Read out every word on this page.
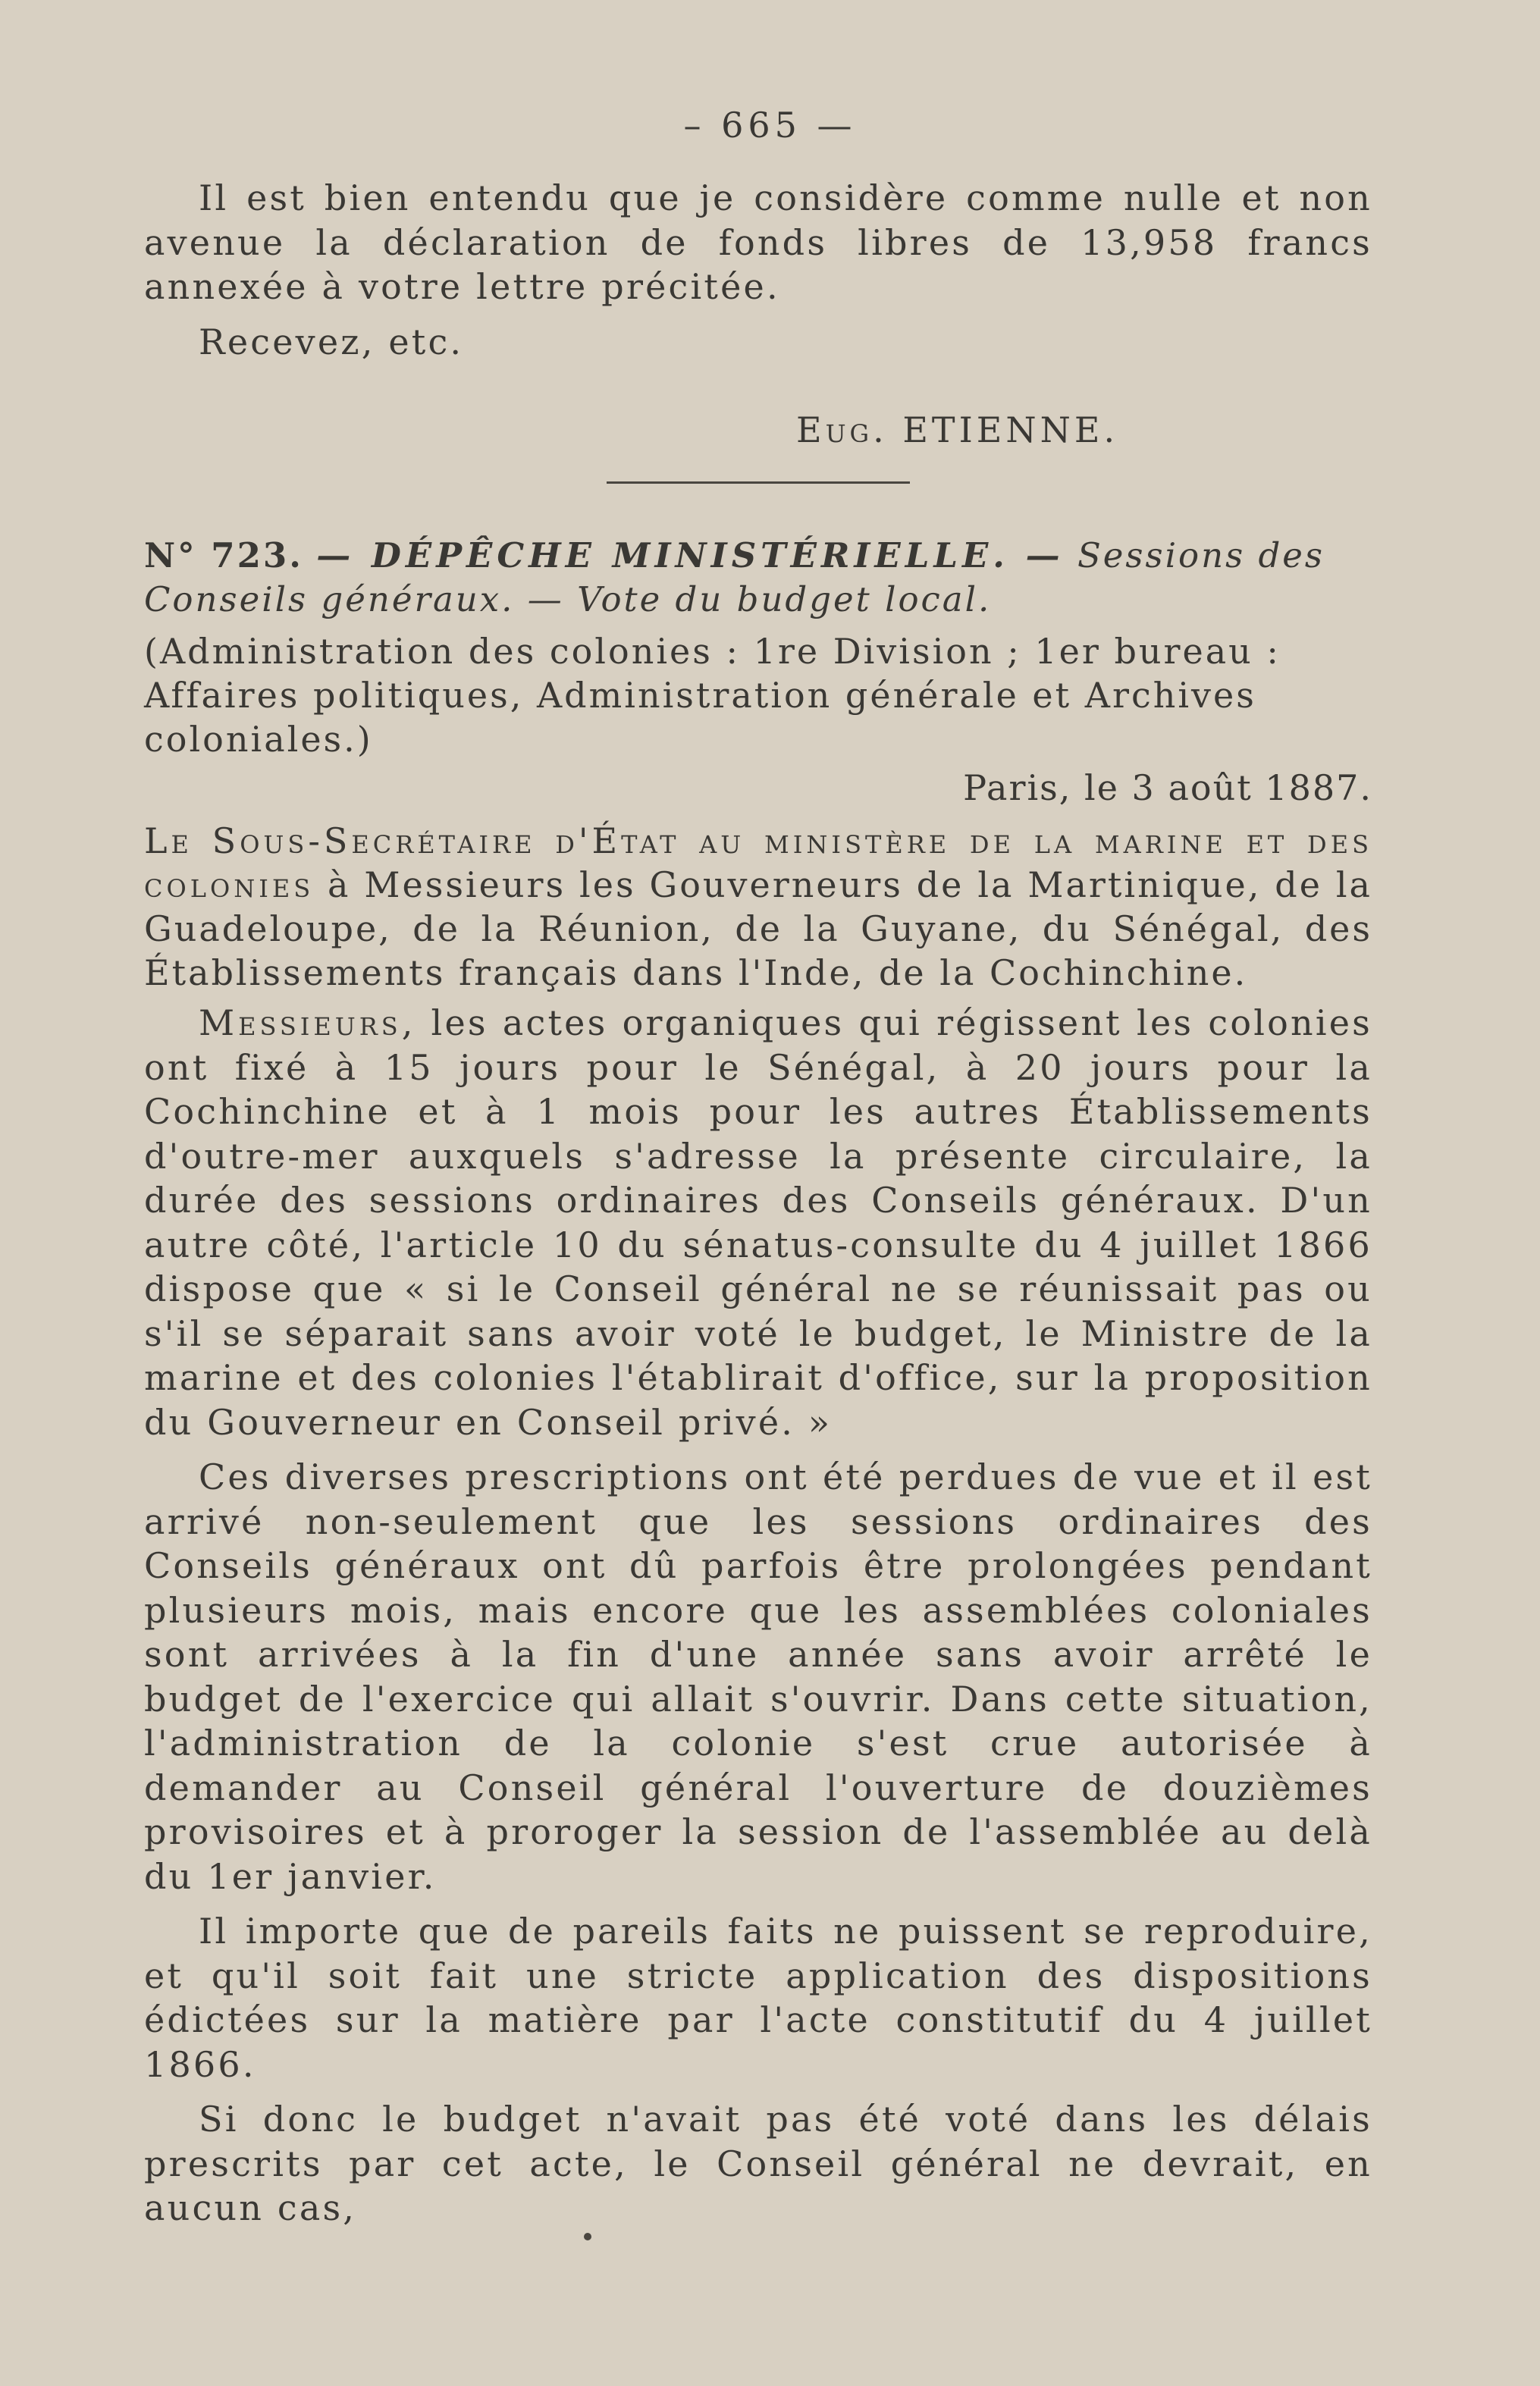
– 665 —

Il est bien entendu que je considère comme nulle et non avenue la déclaration de fonds libres de 13,958 francs annexée à votre lettre précitée.

Recevez, etc.

Eug. ETIENNE.

N° 723. — DÉPÊCHE MINISTÉRIELLE. — Sessions des Conseils généraux. — Vote du budget local.

(Administration des colonies : 1re Division ; 1er bureau : Affaires politiques, Administration générale et Archives coloniales.)

Paris, le 3 août 1887.

Le Sous-Secrétaire d'État au ministère de la marine et des colonies à Messieurs les Gouverneurs de la Martinique, de la Guadeloupe, de la Réunion, de la Guyane, du Sénégal, des Établissements français dans l'Inde, de la Cochinchine.

Messieurs, les actes organiques qui régissent les colonies ont fixé à 15 jours pour le Sénégal, à 20 jours pour la Cochinchine et à 1 mois pour les autres Établissements d'outre-mer auxquels s'adresse la présente circulaire, la durée des sessions ordinaires des Conseils généraux. D'un autre côté, l'article 10 du sénatus-consulte du 4 juillet 1866 dispose que « si le Conseil général ne se réunissait pas ou s'il se séparait sans avoir voté le budget, le Ministre de la marine et des colonies l'établirait d'office, sur la proposition du Gouverneur en Conseil privé. »

Ces diverses prescriptions ont été perdues de vue et il est arrivé non-seulement que les sessions ordinaires des Conseils généraux ont dû parfois être prolongées pendant plusieurs mois, mais encore que les assemblées coloniales sont arrivées à la fin d'une année sans avoir arrêté le budget de l'exercice qui allait s'ouvrir. Dans cette situation, l'administration de la colonie s'est crue autorisée à demander au Conseil général l'ouverture de douzièmes provisoires et à proroger la session de l'assemblée au delà du 1er janvier.

Il importe que de pareils faits ne puissent se reproduire, et qu'il soit fait une stricte application des dispositions édictées sur la matière par l'acte constitutif du 4 juillet 1866.

Si donc le budget n'avait pas été voté dans les délais prescrits par cet acte, le Conseil général ne devrait, en aucun cas,
